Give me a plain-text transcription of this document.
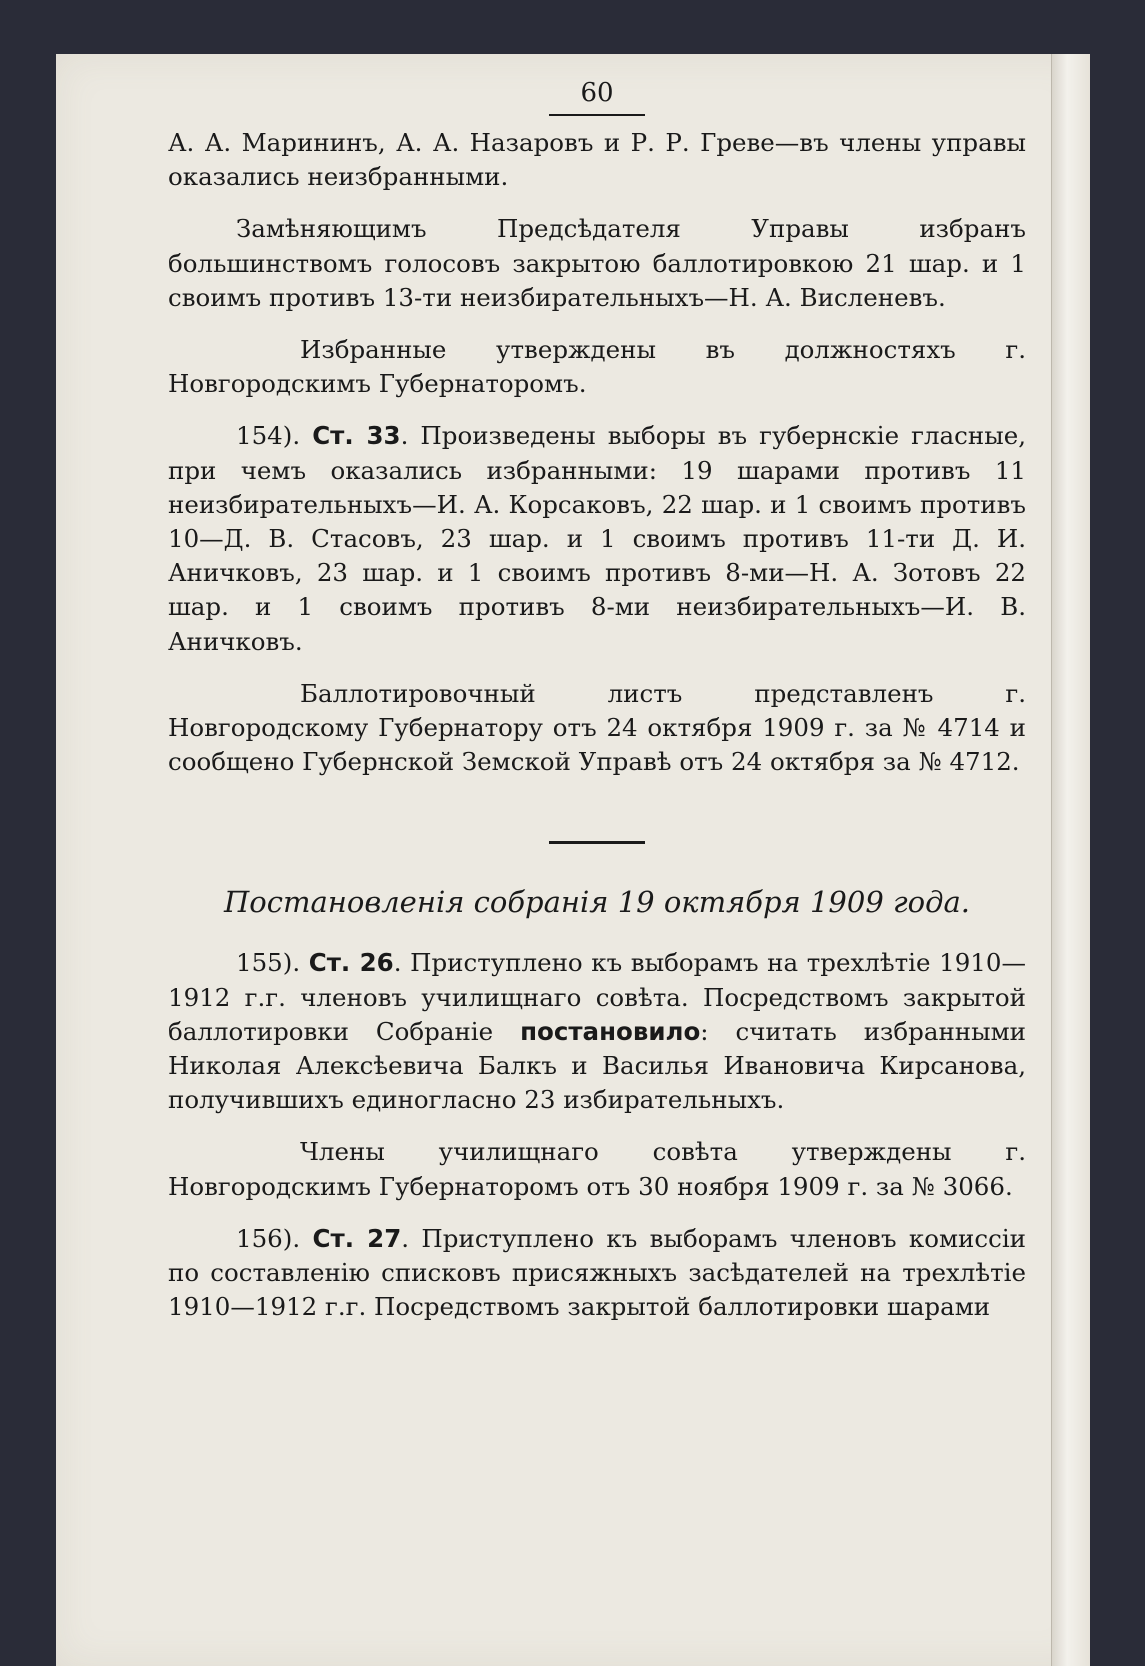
60

А. А. Марининъ, А. А. Назаровъ и Р. Р. Греве—въ члены управы оказались неизбранными.

Замѣняющимъ Предсѣдателя Управы избранъ большинствомъ голосовъ закрытою баллотировкою 21 шар. и 1 своимъ противъ 13-ти неизбирательныхъ—Н. А. Висленевъ.

Избранные утверждены въ должностяхъ г. Новгородскимъ Губернаторомъ.

154). Ст. 33. Произведены выборы въ губернскіе гласные, при чемъ оказались избранными: 19 шарами противъ 11 неизбирательныхъ—И. А. Корсаковъ, 22 шар. и 1 своимъ противъ 10—Д. В. Стасовъ, 23 шар. и 1 своимъ противъ 11-ти Д. И. Аничковъ, 23 шар. и 1 своимъ противъ 8-ми—Н. А. Зотовъ 22 шар. и 1 своимъ противъ 8-ми неизбирательныхъ—И. В. Аничковъ.

Баллотировочный листъ представленъ г. Новгородскому Губернатору отъ 24 октября 1909 г. за № 4714 и сообщено Губернской Земской Управѣ отъ 24 октября за № 4712.

Постановленія собранія 19 октября 1909 года.

155). Ст. 26. Приступлено къ выборамъ на трехлѣтіе 1910—1912 г.г. членовъ училищнаго совѣта. Посредствомъ закрытой баллотировки Собраніе постановило: считать избранными Николая Алексѣевича Балкъ и Василья Ивановича Кирсанова, получившихъ единогласно 23 избирательныхъ.

Члены училищнаго совѣта утверждены г. Новгородскимъ Губернаторомъ отъ 30 ноября 1909 г. за № 3066.

156). Ст. 27. Приступлено къ выборамъ членовъ комиссіи по составленію списковъ присяжныхъ засѣдателей на трехлѣтіе 1910—1912 г.г. Посредствомъ закрытой баллотировки шарами
